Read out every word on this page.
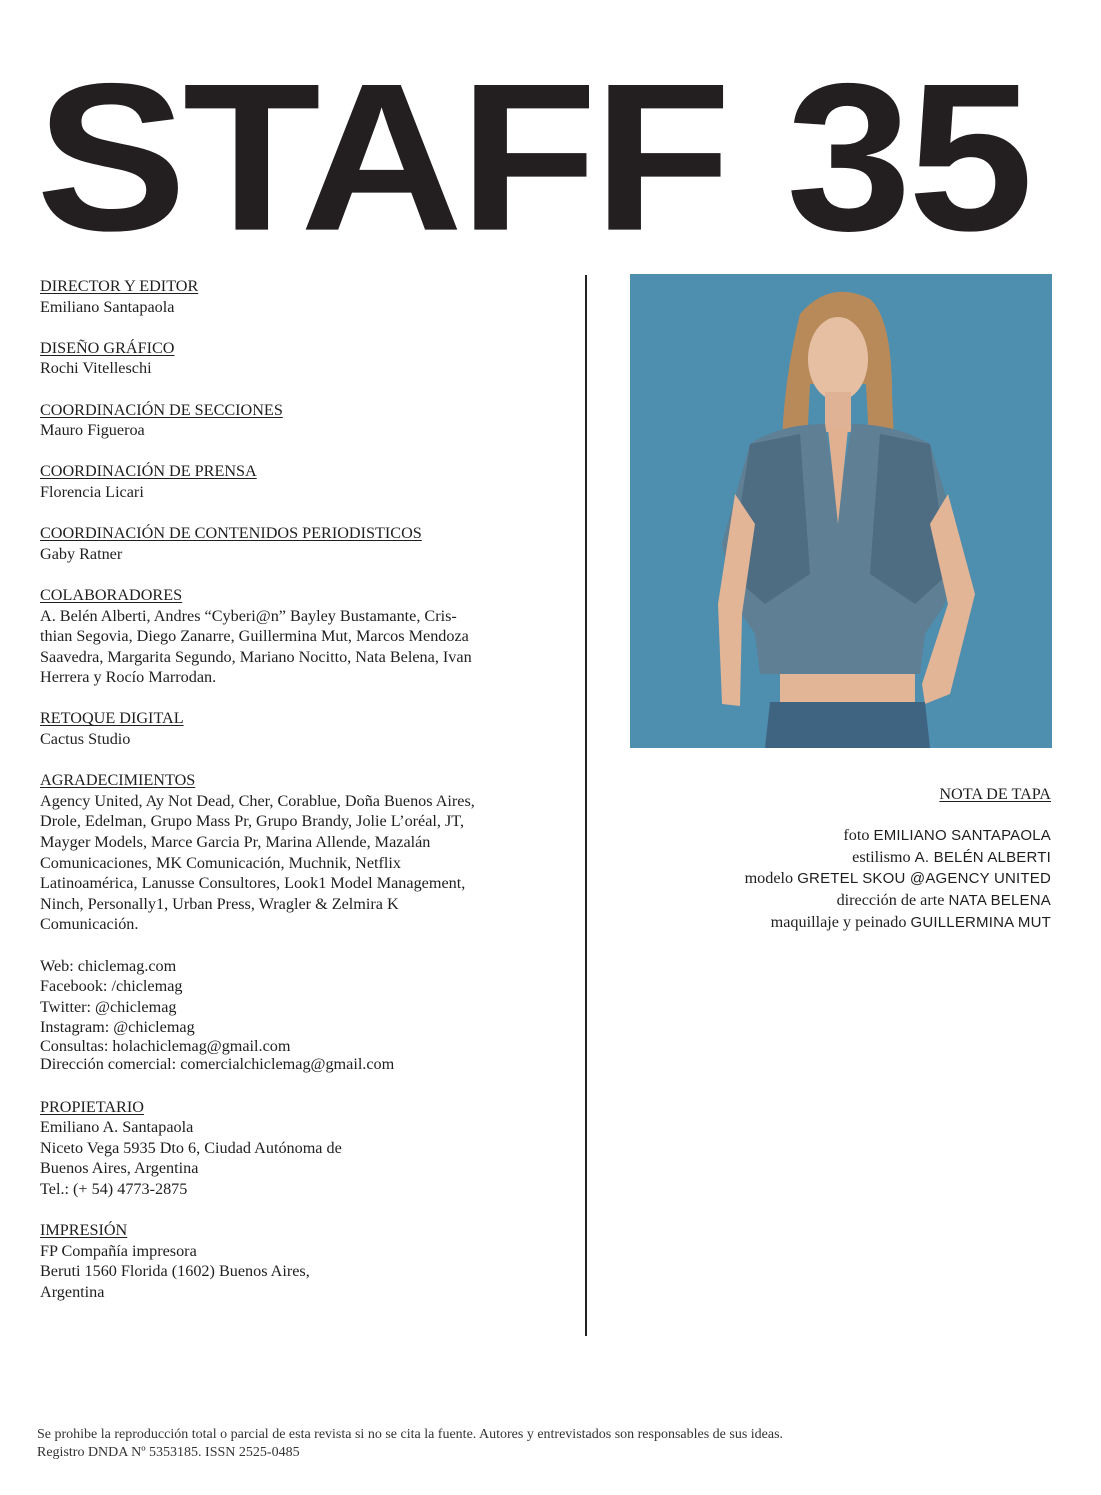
STAFF 35
DIRECTOR Y EDITOR
Emiliano Santapaola
DISEÑO GRÁFICO
Rochi Vitelleschi
COORDINACIÓN DE SECCIONES
Mauro Figueroa
COORDINACIÓN DE PRENSA
Florencia Licari
COORDINACIÓN DE CONTENIDOS PERIODISTICOS
Gaby Ratner
COLABORADORES
A. Belén Alberti, Andres “Cyberi@n” Bayley Bustamante, Cris-
thian Segovia, Diego Zanarre, Guillermina Mut, Marcos Mendoza
Saavedra, Margarita Segundo, Mariano Nocitto, Nata Belena, Ivan
Herrera y Rocío Marrodan.
RETOQUE DIGITAL
Cactus Studio
AGRADECIMIENTOS
Agency United, Ay Not Dead, Cher, Corablue, Doña Buenos Aires,
Drole, Edelman, Grupo Mass Pr, Grupo Brandy, Jolie L’oréal, JT,
Mayger Models, Marce Garcia Pr, Marina Allende, Mazalán
Comunicaciones, MK Comunicación, Muchnik, Netflix
Latinoamérica, Lanusse Consultores, Look1 Model Management,
Ninch, Personally1, Urban Press, Wragler & Zelmira K
Comunicación.
Web: chiclemag.com
Facebook: /chiclemag
Twitter: @chiclemag
Instagram: @chiclemag
Consultas: holachiclemag@gmail.com
Dirección comercial: comercialchiclemag@gmail.com
PROPIETARIO
Emiliano A. Santapaola
Niceto Vega 5935 Dto 6, Ciudad Autónoma de
Buenos Aires, Argentina
Tel.: (+ 54) 4773-2875
IMPRESIÓN
FP Compañía impresora
Beruti 1560 Florida (1602) Buenos Aires,
Argentina
NOTA DE TAPA
foto EMILIANO SANTAPAOLA
estilismo A. BELÉN ALBERTI
modelo GRETEL SKOU @AGENCY UNITED
dirección de arte NATA BELENA
maquillaje y peinado GUILLERMINA MUT
Se prohibe la reproducción total o parcial de esta revista si no se cita la fuente. Autores y entrevistados son responsables de sus ideas.
Registro DNDA Nº 5353185. ISSN 2525-0485
